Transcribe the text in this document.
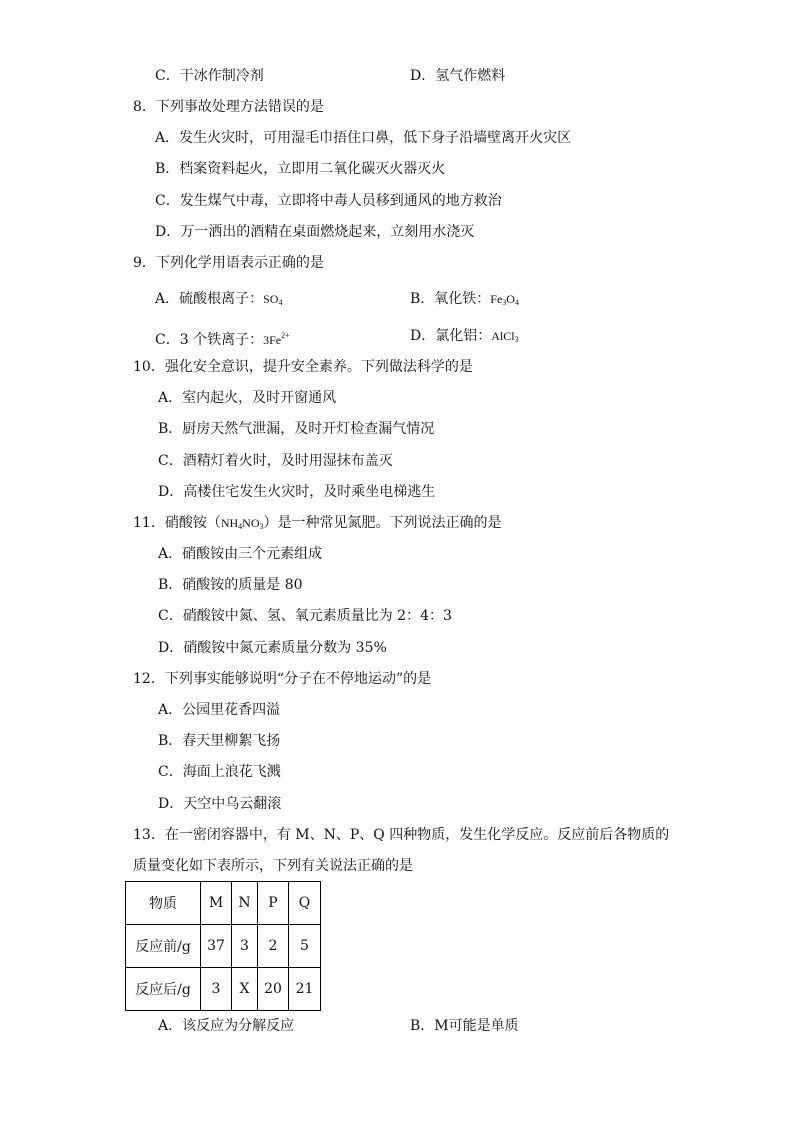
C．干冰作制冷剂	D．氢气作燃料
8．下列事故处理方法错误的是
A．发生火灾时，可用湿毛巾捂住口鼻，低下身子沿墙壁离开火灾区
B．档案资料起火，立即用二氧化碳灭火器灭火
C．发生煤气中毒，立即将中毒人员移到通风的地方救治
D．万一洒出的酒精在桌面燃烧起来，立刻用水浇灭
9．下列化学用语表示正确的是
A．硫酸根离子：$SO_4$	B．氧化铁：$Fe_3O_4$
C．3 个铁离子：$3Fe^{2+}$	D．氯化铝：AlCl$_3$
10．强化安全意识，提升安全素养。下列做法科学的是
A．室内起火，及时开窗通风
B．厨房天然气泄漏，及时开灯检查漏气情况
C．酒精灯着火时，及时用湿抹布盖灭
D．高楼住宅发生火灾时，及时乘坐电梯逃生
11．硝酸铵$(NH_4NO_3)$是一种常见氮肥。下列说法正确的是
A．硝酸铵由三个元素组成
B．硝酸铵的质量是 80
C．硝酸铵中氮、氢、氧元素质量比为 2：4：3
D．硝酸铵中氮元素质量分数为 35%
12．下列事实能够说明“分子在不停地运动”的是
A．公园里花香四溢
B．春天里柳絮飞扬
C．海面上浪花飞溅
D．天空中乌云翻滚
13．在一密闭容器中，有 M、N、P、Q 四种物质，发生化学反应。反应前后各物质的
质量变化如下表所示，下列有关说法正确的是
物质	M	N	P	Q
反应前/g	37	3	2	5
反应后/g	3	X	20	21
A．该反应为分解反应	B．M可能是单质
